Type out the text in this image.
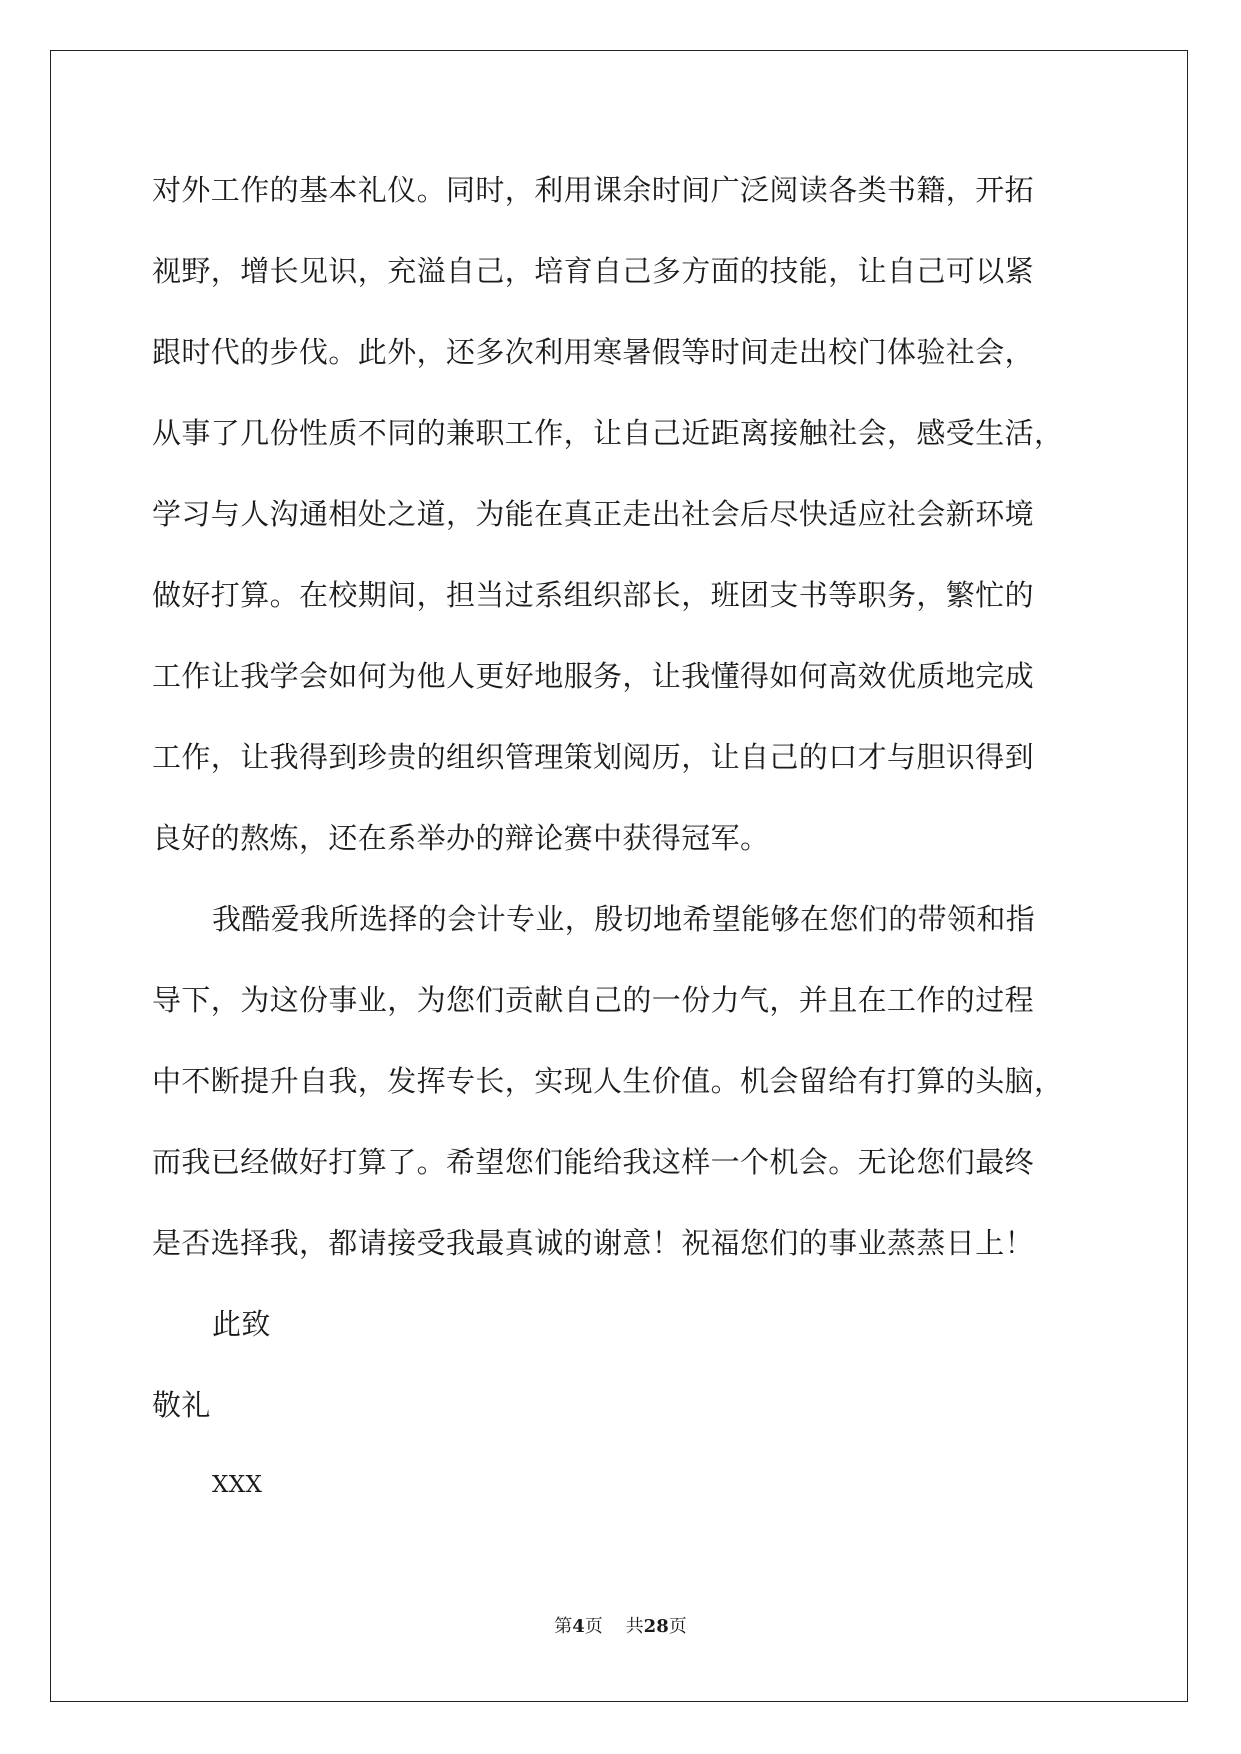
对外工作的基本礼仪。同时，利用课余时间广泛阅读各类书籍，开拓
视野，增长见识，充溢自己，培育自己多方面的技能，让自己可以紧
跟时代的步伐。此外，还多次利用寒暑假等时间走出校门体验社会，
从事了几份性质不同的兼职工作，让自己近距离接触社会，感受生活，
学习与人沟通相处之道，为能在真正走出社会后尽快适应社会新环境
做好打算。在校期间，担当过系组织部长，班团支书等职务，繁忙的
工作让我学会如何为他人更好地服务，让我懂得如何高效优质地完成
工作，让我得到珍贵的组织管理策划阅历，让自己的口才与胆识得到
良好的熬炼，还在系举办的辩论赛中获得冠军。
我酷爱我所选择的会计专业，殷切地希望能够在您们的带领和指
导下，为这份事业，为您们贡献自己的一份力气，并且在工作的过程
中不断提升自我，发挥专长，实现人生价值。机会留给有打算的头脑，
而我已经做好打算了。希望您们能给我这样一个机会。无论您们最终
是否选择我，都请接受我最真诚的谢意！祝福您们的事业蒸蒸日上！
此致
敬礼
XXX
第4页 共28页
